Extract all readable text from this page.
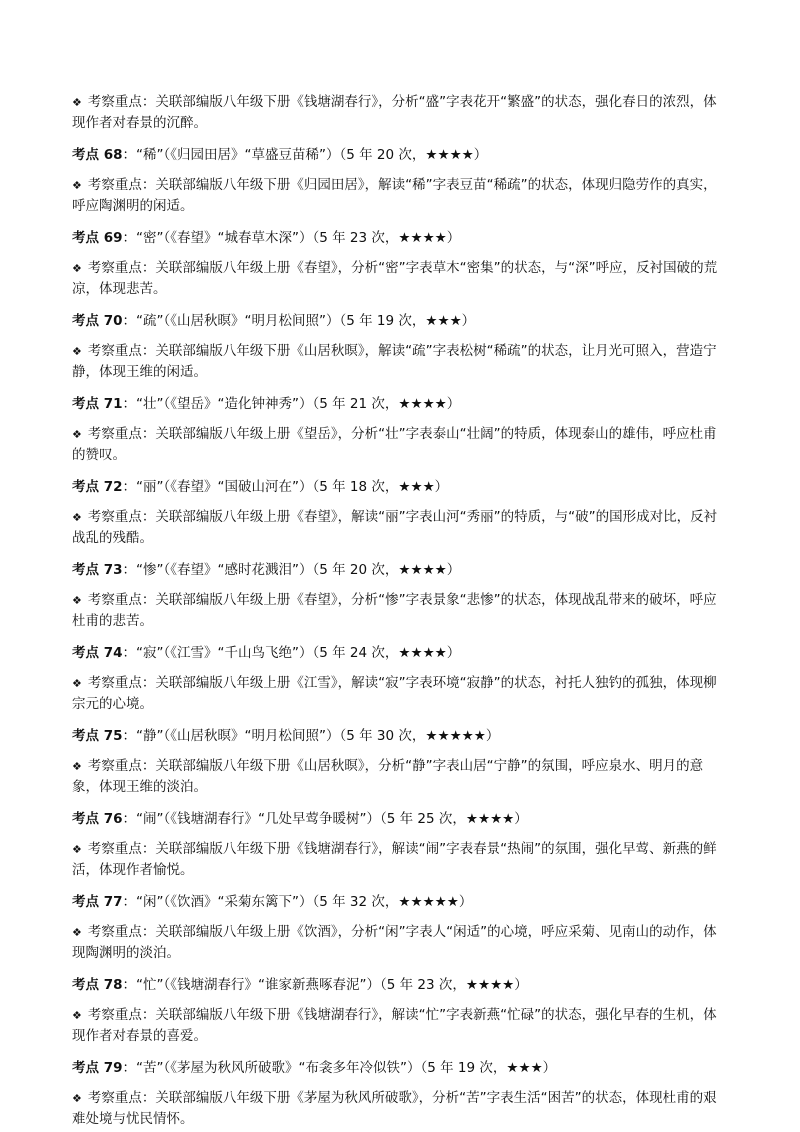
❖ 考察重点：关联部编版八年级下册《钱塘湖春行》，分析“盛”字表花开“繁盛”的状态，强化春日的浓烈，体现作者对春景的沉醉。

考点 68：“稀”（《归园田居》“草盛豆苗稀”）（5 年 20 次，★★★★）

❖ 考察重点：关联部编版八年级下册《归园田居》，解读“稀”字表豆苗“稀疏”的状态，体现归隐劳作的真实，呼应陶渊明的闲适。

考点 69：“密”（《春望》“城春草木深”）（5 年 23 次，★★★★）

❖ 考察重点：关联部编版八年级上册《春望》，分析“密”字表草木“密集”的状态，与“深”呼应，反衬国破的荒凉，体现悲苦。

考点 70：“疏”（《山居秋暝》“明月松间照”）（5 年 19 次，★★★）

❖ 考察重点：关联部编版八年级下册《山居秋暝》，解读“疏”字表松树“稀疏”的状态，让月光可照入，营造宁静，体现王维的闲适。

考点 71：“壮”（《望岳》“造化钟神秀”）（5 年 21 次，★★★★）

❖ 考察重点：关联部编版八年级上册《望岳》，分析“壮”字表泰山“壮阔”的特质，体现泰山的雄伟，呼应杜甫的赞叹。

考点 72：“丽”（《春望》“国破山河在”）（5 年 18 次，★★★）

❖ 考察重点：关联部编版八年级上册《春望》，解读“丽”字表山河“秀丽”的特质，与“破”的国形成对比，反衬战乱的残酷。

考点 73：“惨”（《春望》“感时花溅泪”）（5 年 20 次，★★★★）

❖ 考察重点：关联部编版八年级上册《春望》，分析“惨”字表景象“悲惨”的状态，体现战乱带来的破坏，呼应杜甫的悲苦。

考点 74：“寂”（《江雪》“千山鸟飞绝”）（5 年 24 次，★★★★）

❖ 考察重点：关联部编版八年级上册《江雪》，解读“寂”字表环境“寂静”的状态，衬托人独钓的孤独，体现柳宗元的心境。

考点 75：“静”（《山居秋暝》“明月松间照”）（5 年 30 次，★★★★★）

❖ 考察重点：关联部编版八年级下册《山居秋暝》，分析“静”字表山居“宁静”的氛围，呼应泉水、明月的意象，体现王维的淡泊。

考点 76：“闹”（《钱塘湖春行》“几处早莺争暖树”）（5 年 25 次，★★★★）

❖ 考察重点：关联部编版八年级下册《钱塘湖春行》，解读“闹”字表春景“热闹”的氛围，强化早莺、新燕的鲜活，体现作者愉悦。

考点 77：“闲”（《饮酒》“采菊东篱下”）（5 年 32 次，★★★★★）

❖ 考察重点：关联部编版八年级上册《饮酒》，分析“闲”字表人“闲适”的心境，呼应采菊、见南山的动作，体现陶渊明的淡泊。

考点 78：“忙”（《钱塘湖春行》“谁家新燕啄春泥”）（5 年 23 次，★★★★）

❖ 考察重点：关联部编版八年级下册《钱塘湖春行》，解读“忙”字表新燕“忙碌”的状态，强化早春的生机，体现作者对春景的喜爱。

考点 79：“苦”（《茅屋为秋风所破歌》“布衾多年冷似铁”）（5 年 19 次，★★★）

❖ 考察重点：关联部编版八年级下册《茅屋为秋风所破歌》，分析“苦”字表生活“困苦”的状态，体现杜甫的艰难处境与忧民情怀。
